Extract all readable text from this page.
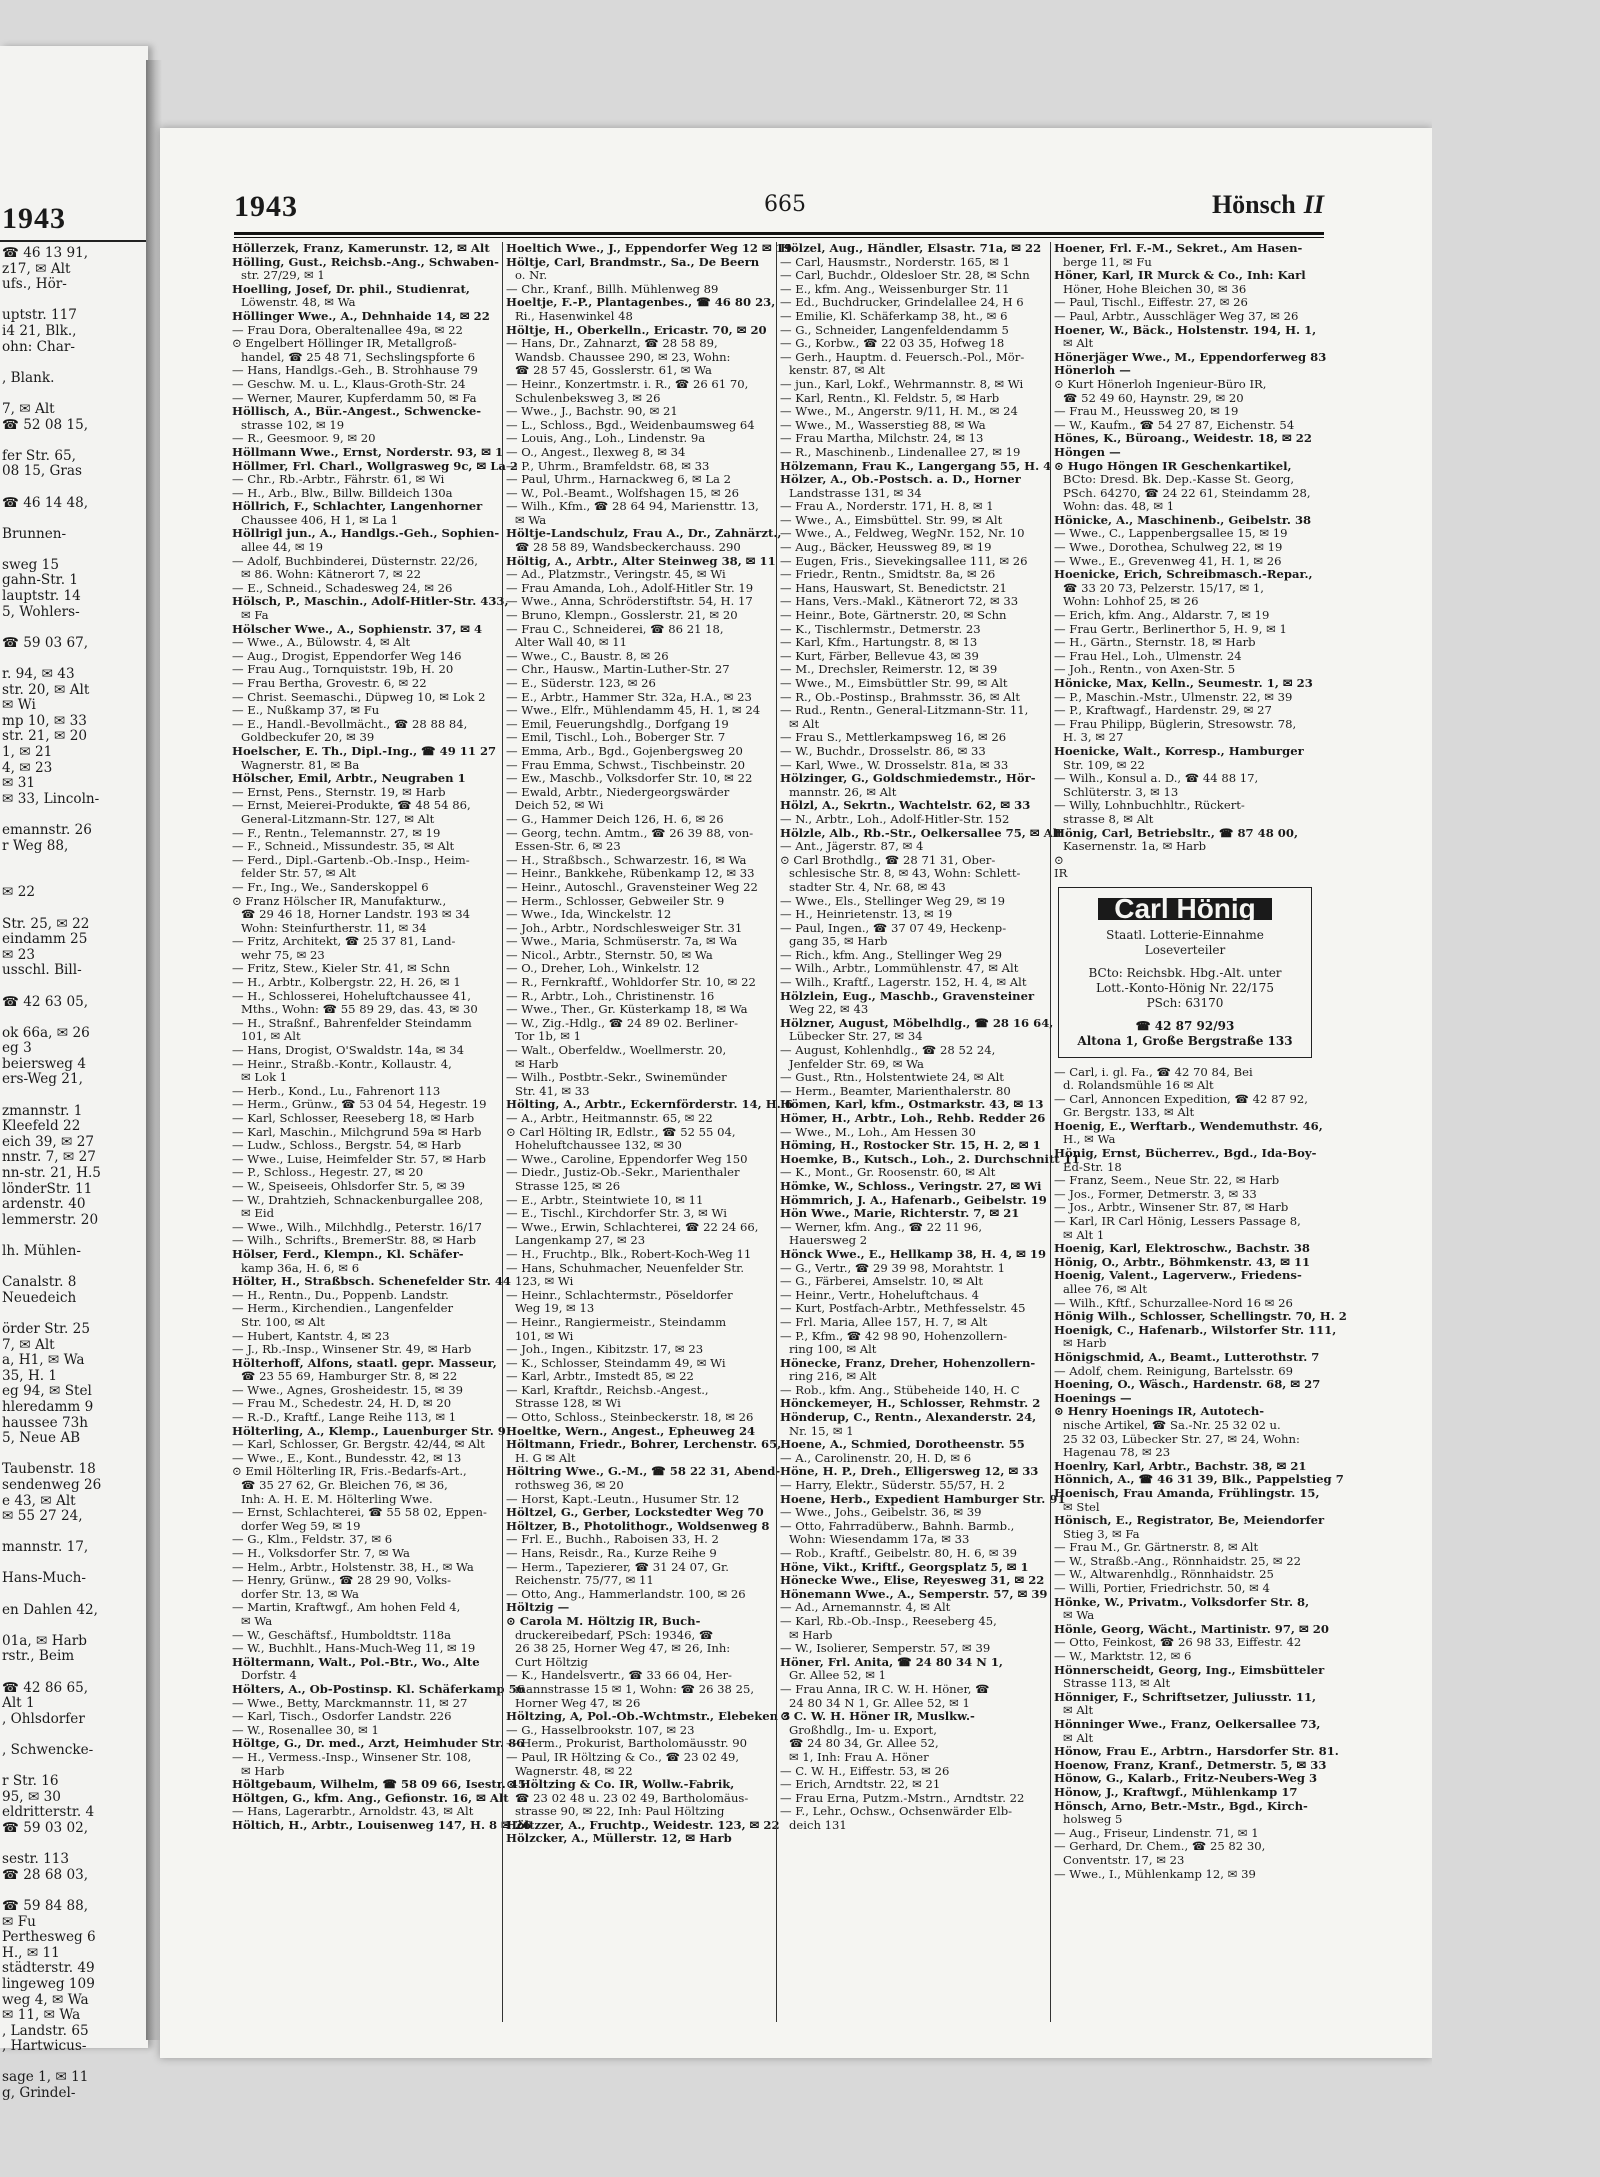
1943
☎ 46 13 91,
z17, ✉ Alt
ufs., Hör-
uptstr. 117
i4 21, Blk.,
ohn: Char-
, Blank.
7, ✉ Alt
☎ 52 08 15,
fer Str. 65,
08 15, Gras
☎ 46 14 48,
Brunnen-
sweg 15
gahn-Str. 1
lauptstr. 14
5, Wohlers-
☎ 59 03 67,
r. 94, ✉ 43
str. 20, ✉ Alt
✉ Wi
mp 10, ✉ 33
str. 21, ✉ 20
1, ✉ 21
4, ✉ 23
✉ 31
✉ 33, Lincoln-
emannstr. 26
r Weg 88,
✉ 22
Str. 25, ✉ 22
eindamm 25
✉ 23
usschl. Bill-
☎ 42 63 05,
ok 66a, ✉ 26
eg 3
beiersweg 4
ers-Weg 21,
zmannstr. 1
Kleefeld 22
eich 39, ✉ 27
nnstr. 7, ✉ 27
nn-str. 21, H.5
lönderStr. 11
ardenstr. 40
lemmerstr. 20
lh. Mühlen-
Canalstr. 8
Neuedeich
örder Str. 25
7, ✉ Alt
a, H1, ✉ Wa
35, H. 1
eg 94, ✉ Stel
hleredamm 9
haussee 73h
5, Neue AB
Taubenstr. 18
sendenweg 26
e 43, ✉ Alt
✉ 55 27 24,
mannstr. 17,
Hans-Much-
en Dahlen 42,
01a, ✉ Harb
rstr., Beim
☎ 42 86 65,
Alt 1
, Ohlsdorfer
, Schwencke-
r Str. 16
95, ✉ 30
eldritterstr. 4
☎ 59 03 02,
sestr. 113
☎ 28 68 03,
☎ 59 84 88,
✉ Fu
Perthesweg 6
H., ✉ 11
städterstr. 49
lingeweg 109
weg 4, ✉ Wa
✉ 11, ✉ Wa
, Landstr. 65
, Hartwicus-
sage 1, ✉ 11
g, Grindel-
1943	665	Hönsch II
Höllerzek, Franz, Kamerunstr. 12, ✉ Alt
Hölling, Gust., Reichsb.-Ang., Schwaben-
str. 27/29, ✉ 1
Hoelling, Josef, Dr. phil., Studienrat,
Löwenstr. 48, ✉ Wa
Höllinger Wwe., A., Dehnhaide 14, ✉ 22
— Frau Dora, Oberaltenallee 49a, ✉ 22
⊙ Engelbert Höllinger IR, Metallgroß-
handel, ☎ 25 48 71, Sechslingspforte 6
— Hans, Handlgs.-Geh., B. Strohhause 79
— Geschw. M. u. L., Klaus-Groth-Str. 24
— Werner, Maurer, Kupferdamm 50, ✉ Fa
Höllisch, A., Bür.-Angest., Schwencke-
strasse 102, ✉ 19
— R., Geesmoor. 9, ✉ 20
Höllmann Wwe., Ernst, Norderstr. 93, ✉ 1
Höllmer, Frl. Charl., Wollgrasweg 9c, ✉ La 2
— Chr., Rb.-Arbtr., Fährstr. 61, ✉ Wi
— H., Arb., Blw., Billw. Billdeich 130a
Höllrich, F., Schlachter, Langenhorner
Chaussee 406, H 1, ✉ La 1
Höllrigl jun., A., Handlgs.-Geh., Sophien-
allee 44, ✉ 19
— Adolf, Buchbinderei, Düsternstr. 22/26,
✉ 86. Wohn: Kätnerort 7, ✉ 22
— E., Schneid., Schadesweg 24, ✉ 26
Hölsch, P., Maschin., Adolf-Hitler-Str. 433,
✉ Fa
Hölscher Wwe., A., Sophienstr. 37, ✉ 4
— Wwe., A., Bülowstr. 4, ✉ Alt
— Aug., Drogist, Eppendorfer Weg 146
— Frau Aug., Tornquiststr. 19b, H. 20
— Frau Bertha, Grovestr. 6, ✉ 22
— Christ. Seemaschi., Düpweg 10, ✉ Lok 2
— E., Nußkamp 37, ✉ Fu
— E., Handl.-Bevollmächt., ☎ 28 88 84,
Goldbeckufer 20, ✉ 39
Hoelscher, E. Th., Dipl.-Ing., ☎ 49 11 27
Wagnerstr. 81, ✉ Ba
Hölscher, Emil, Arbtr., Neugraben 1
— Ernst, Pens., Sternstr. 19, ✉ Harb
— Ernst, Meierei-Produkte, ☎ 48 54 86,
General-Litzmann-Str. 127, ✉ Alt
— F., Rentn., Telemannstr. 27, ✉ 19
— F., Schneid., Missundestr. 35, ✉ Alt
— Ferd., Dipl.-Gartenb.-Ob.-Insp., Heim-
felder Str. 57, ✉ Alt
— Fr., Ing., We., Sanderskoppel 6
⊙ Franz Hölscher IR, Manufakturw.,
☎ 29 46 18, Horner Landstr. 193 ✉ 34
Wohn: Steinfurtherstr. 11, ✉ 34
— Fritz, Architekt, ☎ 25 37 81, Land-
wehr 75, ✉ 23
— Fritz, Stew., Kieler Str. 41, ✉ Schn
— H., Arbtr., Kolbergstr. 22, H. 26, ✉ 1
— H., Schlosserei, Hoheluftchaussee 41,
Mths., Wohn: ☎ 55 89 29, das. 43, ✉ 30
— H., Straßnf., Bahrenfelder Steindamm
101, ✉ Alt
— Hans, Drogist, O'Swaldstr. 14a, ✉ 34
— Heinr., Straßb.-Kontr., Kollaustr. 4,
✉ Lok 1
— Herb., Kond., Lu., Fahrenort 113
— Herm., Grünw., ☎ 53 04 54, Hegestr. 19
— Karl, Schlosser, Reeseberg 18, ✉ Harb
— Karl, Maschin., Milchgrund 59a ✉ Harb
— Ludw., Schloss., Bergstr. 54, ✉ Harb
— Wwe., Luise, Heimfelder Str. 57, ✉ Harb
— P., Schloss., Hegestr. 27, ✉ 20
— W., Speiseeis, Ohlsdorfer Str. 5, ✉ 39
— W., Drahtzieh, Schnackenburgallee 208,
✉ Eid
— Wwe., Wilh., Milchhdlg., Peterstr. 16/17
— Wilh., Schrifts., BremerStr. 88, ✉ Harb
Hölser, Ferd., Klempn., Kl. Schäfer-
kamp 36a, H. 6, ✉ 6
Hölter, H., Straßbsch. Schenefelder Str. 44
— H., Rentn., Du., Poppenb. Landstr.
— Herm., Kirchendien., Langenfelder
Str. 100, ✉ Alt
— Hubert, Kantstr. 4, ✉ 23
— J., Rb.-Insp., Winsener Str. 49, ✉ Harb
Hölterhoff, Alfons, staatl. gepr. Masseur,
☎ 23 55 69, Hamburger Str. 8, ✉ 22
— Wwe., Agnes, Grosheidestr. 15, ✉ 39
— Frau M., Schedestr. 24, H. D, ✉ 20
— R.-D., Kraftf., Lange Reihe 113, ✉ 1
Hölterling, A., Klemp., Lauenburger Str. 9
— Karl, Schlosser, Gr. Bergstr. 42/44, ✉ Alt
— Wwe., E., Kont., Bundesstr. 42, ✉ 13
⊙ Emil Hölterling IR, Fris.-Bedarfs-Art.,
☎ 35 27 62, Gr. Bleichen 76, ✉ 36,
Inh: A. H. E. M. Hölterling Wwe.
— Ernst, Schlachterei, ☎ 55 58 02, Eppen-
dorfer Weg 59, ✉ 19
— G., Klm., Feldstr. 37, ✉ 6
— H., Volksdorfer Str. 7, ✉ Wa
— Helm., Arbtr., Holstenstr. 38, H., ✉ Wa
— Henry, Grünw., ☎ 28 29 90, Volks-
dorfer Str. 13, ✉ Wa
— Martin, Kraftwgf., Am hohen Feld 4,
✉ Wa
— W., Geschäftsf., Humboldtstr. 118a
— W., Buchhlt., Hans-Much-Weg 11, ✉ 19
Höltermann, Walt., Pol.-Btr., Wo., Alte
Dorfstr. 4
Hölters, A., Ob-Postinsp. Kl. Schäferkamp 56
— Wwe., Betty, Marckmannstr. 11, ✉ 27
— Karl, Tisch., Osdorfer Landstr. 226
— W., Rosenallee 30, ✉ 1
Höltge, G., Dr. med., Arzt, Heimhuder Str. 86
— H., Vermess.-Insp., Winsener Str. 108,
✉ Harb
Höltgebaum, Wilhelm, ☎ 58 09 66, Isestr. 45
Höltgen, G., kfm. Ang., Gefionstr. 16, ✉ Alt
— Hans, Lagerarbtr., Arnoldstr. 43, ✉ Alt
Höltich, H., Arbtr., Louisenweg 147, H. 8 ✉ 26
Hoeltich Wwe., J., Eppendorfer Weg 12 ✉ 19
Höltje, Carl, Brandmstr., Sa., De Beern
o. Nr.
— Chr., Kranf., Billh. Mühlenweg 89
Hoeltje, F.-P., Plantagenbes., ☎ 46 80 23,
Ri., Hasenwinkel 48
Höltje, H., Oberkelln., Ericastr. 70, ✉ 20
— Hans, Dr., Zahnarzt, ☎ 28 58 89,
Wandsb. Chaussee 290, ✉ 23, Wohn:
☎ 28 57 45, Gosslerstr. 61, ✉ Wa
— Heinr., Konzertmstr. i. R., ☎ 26 61 70,
Schulenbeksweg 3, ✉ 26
— Wwe., J., Bachstr. 90, ✉ 21
— L., Schloss., Bgd., Weidenbaumsweg 64
— Louis, Ang., Loh., Lindenstr. 9a
— O., Angest., Ilexweg 8, ✉ 34
— P., Uhrm., Bramfeldstr. 68, ✉ 33
— Paul, Uhrm., Harnackweg 6, ✉ La 2
— W., Pol.-Beamt., Wolfshagen 15, ✉ 26
— Wilh., Kfm., ☎ 28 64 94, Mariensttr. 13,
✉ Wa
Höltje-Landschulz, Frau A., Dr., Zahnärzt.,
☎ 28 58 89, Wandsbeckerchauss. 290
Höltig, A., Arbtr., Alter Steinweg 38, ✉ 11
— Ad., Platzmstr., Veringstr. 45, ✉ Wi
— Frau Amanda, Loh., Adolf-Hitler Str. 19
— Wwe., Anna, Schröderstiftstr. 54, H. 17
— Bruno, Klempn., Gosslerstr. 21, ✉ 20
— Frau C., Schneiderei, ☎ 86 21 18,
Alter Wall 40, ✉ 11
— Wwe., C., Baustr. 8, ✉ 26
— Chr., Hausw., Martin-Luther-Str. 27
— E., Süderstr. 123, ✉ 26
— E., Arbtr., Hammer Str. 32a, H.A., ✉ 23
— Wwe., Elfr., Mühlendamm 45, H. 1, ✉ 24
— Emil, Feuerungshdlg., Dorfgang 19
— Emil, Tischl., Loh., Boberger Str. 7
— Emma, Arb., Bgd., Gojenbergsweg 20
— Frau Emma, Schwst., Tischbeinstr. 20
— Ew., Maschb., Volksdorfer Str. 10, ✉ 22
— Ewald, Arbtr., Niedergeorgswärder
Deich 52, ✉ Wi
— G., Hammer Deich 126, H. 6, ✉ 26
— Georg, techn. Amtm., ☎ 26 39 88, von-
Essen-Str. 6, ✉ 23
— H., Straßbsch., Schwarzestr. 16, ✉ Wa
— Heinr., Bankkehe, Rübenkamp 12, ✉ 33
— Heinr., Autoschl., Gravensteiner Weg 22
— Herm., Schlosser, Gebweiler Str. 9
— Wwe., Ida, Winckelstr. 12
— Joh., Arbtr., Nordschlesweiger Str. 31
— Wwe., Maria, Schmüserstr. 7a, ✉ Wa
— Nicol., Arbtr., Sternstr. 50, ✉ Wa
— O., Dreher, Loh., Winkelstr. 12
— R., Fernkraftf., Wohldorfer Str. 10, ✉ 22
— R., Arbtr., Loh., Christinenstr. 16
— Wwe., Ther., Gr. Küsterkamp 18, ✉ Wa
— W., Zig.-Hdlg., ☎ 24 89 02. Berliner-
Tor 1b, ✉ 1
— Walt., Oberfeldw., Woellmerstr. 20,
✉ Harb
— Wilh., Postbtr.-Sekr., Swinemünder
Str. 41, ✉ 33
Hölting, A., Arbtr., Eckernförderstr. 14, H. 6
— A., Arbtr., Heitmannstr. 65, ✉ 22
⊙ Carl Hölting IR, Edlstr., ☎ 52 55 04,
Hoheluftchaussee 132, ✉ 30
— Wwe., Caroline, Eppendorfer Weg 150
— Diedr., Justiz-Ob.-Sekr., Marienthaler
Strasse 125, ✉ 26
— E., Arbtr., Steintwiete 10, ✉ 11
— E., Tischl., Kirchdorfer Str. 3, ✉ Wi
— Wwe., Erwin, Schlachterei, ☎ 22 24 66,
Langenkamp 27, ✉ 23
— H., Fruchtp., Blk., Robert-Koch-Weg 11
— Hans, Schuhmacher, Neuenfelder Str.
123, ✉ Wi
— Heinr., Schlachtermstr., Pöseldorfer
Weg 19, ✉ 13
— Heinr., Rangiermeistr., Steindamm
101, ✉ Wi
— Joh., Ingen., Kibitzstr. 17, ✉ 23
— K., Schlosser, Steindamm 49, ✉ Wi
— Karl, Arbtr., Imstedt 85, ✉ 22
— Karl, Kraftdr., Reichsb.-Angest.,
Strasse 128, ✉ Wi
— Otto, Schloss., Steinbeckerstr. 18, ✉ 26
Hoeltke, Wern., Angest., Epheuweg 24
Höltmann, Friedr., Bohrer, Lerchenstr. 65,
H. G ✉ Alt
Höltring Wwe., G.-M., ☎ 58 22 31, Abend-
rothsweg 36, ✉ 20
— Horst, Kapt.-Leutn., Husumer Str. 12
Höltzel, G., Gerber, Lockstedter Weg 70
Höltzer, B., Photolithogr., Woldsenweg 8
— Frl. E., Buchh., Raboisen 33, H. 2
— Hans, Reisdr., Ra., Kurze Reihe 9
— Herm., Tapezierer, ☎ 31 24 07, Gr.
Reichenstr. 75/77, ✉ 11
— Otto, Ang., Hammerlandstr. 100, ✉ 26
Höltzig —
⊙ Carola M. Höltzig IR, Buch-
druckereibedarf, PSch: 19346, ☎
26 38 25, Horner Weg 47, ✉ 26, Inh:
Curt Höltzig
— K., Handelsvertr., ☎ 33 66 04, Her-
mannstrasse 15 ✉ 1, Wohn: ☎ 26 38 25,
Horner Weg 47, ✉ 26
Höltzing, A, Pol.-Ob.-Wchtmstr., Elebeken 3
— G., Hasselbrookstr. 107, ✉ 23
— Herm., Prokurist, Bartholomäusstr. 90
— Paul, IR Höltzing & Co., ☎ 23 02 49,
Wagnerstr. 48, ✉ 22
⊙ Höltzing & Co. IR, Wollw.-Fabrik,
☎ 23 02 48 u. 23 02 49, Bartholomäus-
strasse 90, ✉ 22, Inh: Paul Höltzing
Höltzzer, A., Fruchtp., Weidestr. 123, ✉ 22
Hölzcker, A., Müllerstr. 12, ✉ Harb
Hölzel, Aug., Händler, Elsastr. 71a, ✉ 22
— Carl, Hausmstr., Norderstr. 165, ✉ 1
— Carl, Buchdr., Oldesloer Str. 28, ✉ Schn
— E., kfm. Ang., Weissenburger Str. 11
— Ed., Buchdrucker, Grindelallee 24, H 6
— Emilie, Kl. Schäferkamp 38, ht., ✉ 6
— G., Schneider, Langenfeldendamm 5
— G., Korbw., ☎ 22 03 35, Hofweg 18
— Gerh., Hauptm. d. Feuersch.-Pol., Mör-
kenstr. 87, ✉ Alt
— jun., Karl, Lokf., Wehrmannstr. 8, ✉ Wi
— Karl, Rentn., Kl. Feldstr. 5, ✉ Harb
— Wwe., M., Angerstr. 9/11, H. M., ✉ 24
— Wwe., M., Wasserstieg 88, ✉ Wa
— Frau Martha, Milchstr. 24, ✉ 13
— R., Maschinenb., Lindenallee 27, ✉ 19
Hölzemann, Frau K., Langergang 55, H. 4
Hölzer, A., Ob.-Postsch. a. D., Horner
Landstrasse 131, ✉ 34
— Frau A., Norderstr. 171, H. 8, ✉ 1
— Wwe., A., Eimsbüttel. Str. 99, ✉ Alt
— Wwe., A., Feldweg, WegNr. 152, Nr. 10
— Aug., Bäcker, Heussweg 89, ✉ 19
— Eugen, Fris., Sievekingsallee 111, ✉ 26
— Friedr., Rentn., Smidtstr. 8a, ✉ 26
— Hans, Hauswart, St. Benedictstr. 21
— Hans, Vers.-Makl., Kätnerort 72, ✉ 33
— Heinr., Bote, Gärtnerstr. 20, ✉ Schn
— K., Tischlermstr., Detmerstr. 23
— Karl, Kfm., Hartungstr. 8, ✉ 13
— Kurt, Färber, Bellevue 43, ✉ 39
— M., Drechsler, Reimerstr. 12, ✉ 39
— Wwe., M., Eimsbüttler Str. 99, ✉ Alt
— R., Ob.-Postinsp., Brahmsstr. 36, ✉ Alt
— Rud., Rentn., General-Litzmann-Str. 11,
✉ Alt
— Frau S., Mettlerkampsweg 16, ✉ 26
— W., Buchdr., Drosselstr. 86, ✉ 33
— Karl, Wwe., W. Drosselstr. 81a, ✉ 33
Hölzinger, G., Goldschmiedemstr., Hör-
mannstr. 26, ✉ Alt
Hölzl, A., Sekrtn., Wachtelstr. 62, ✉ 33
— N., Arbtr., Loh., Adolf-Hitler-Str. 152
Hölzle, Alb., Rb.-Str., Oelkersallee 75, ✉ Alt
— Ant., Jägerstr. 87, ✉ 4
⊙ Carl Brothdlg., ☎ 28 71 31, Ober-
schlesische Str. 8, ✉ 43, Wohn: Schlett-
stadter Str. 4, Nr. 68, ✉ 43
— Wwe., Els., Stellinger Weg 29, ✉ 19
— H., Heinrietenstr. 13, ✉ 19
— Paul, Ingen., ☎ 37 07 49, Heckenp-
gang 35, ✉ Harb
— Rich., kfm. Ang., Stellinger Weg 29
— Wilh., Arbtr., Lommühlenstr. 47, ✉ Alt
— Wilh., Kraftf., Lagerstr. 152, H. 4, ✉ Alt
Hölzlein, Eug., Maschb., Gravensteiner
Weg 22, ✉ 43
Hölzner, August, Möbelhdlg., ☎ 28 16 64,
Lübecker Str. 27, ✉ 34
— August, Kohlenhdlg., ☎ 28 52 24,
Jenfelder Str. 69, ✉ Wa
— Gust., Rtn., Holstentwiete 24, ✉ Alt
— Herm., Beamter, Marienthalerstr. 80
Hömen, Karl, kfm., Ostmarkstr. 43, ✉ 13
Hömer, H., Arbtr., Loh., Rehb. Redder 26
— Wwe., M., Loh., Am Hessen 30
Höming, H., Rostocker Str. 15, H. 2, ✉ 1
Hoemke, B., Kutsch., Loh., 2. Durchschnitt 11
— K., Mont., Gr. Roosenstr. 60, ✉ Alt
Hömke, W., Schloss., Veringstr. 27, ✉ Wi
Hömmrich, J. A., Hafenarb., Geibelstr. 19
Hön Wwe., Marie, Richterstr. 7, ✉ 21
— Werner, kfm. Ang., ☎ 22 11 96,
Hauersweg 2
Hönck Wwe., E., Hellkamp 38, H. 4, ✉ 19
— G., Vertr., ☎ 29 39 98, Morahtstr. 1
— G., Färberei, Amselstr. 10, ✉ Alt
— Heinr., Vertr., Hoheluftchaus. 4
— Kurt, Postfach-Arbtr., Methfesselstr. 45
— Frl. Maria, Allee 157, H. 7, ✉ Alt
— P., Kfm., ☎ 42 98 90, Hohenzollern-
ring 100, ✉ Alt
Hönecke, Franz, Dreher, Hohenzollern-
ring 216, ✉ Alt
— Rob., kfm. Ang., Stübeheide 140, H. C
Hönckemeyer, H., Schlosser, Rehmstr. 2
Hönderup, C., Rentn., Alexanderstr. 24,
Nr. 15, ✉ 1
Hoene, A., Schmied, Dorotheenstr. 55
— A., Carolinenstr. 20, H. D, ✉ 6
Höne, H. P., Dreh., Elligersweg 12, ✉ 33
— Harry, Elektr., Süderstr. 55/57, H. 2
Hoene, Herb., Expedient Hamburger Str. 91
— Wwe., Johs., Geibelstr. 36, ✉ 39
— Otto, Fahrradüberw., Bahnh. Barmb.,
Wohn: Wiesendamm 17a, ✉ 33
— Rob., Kraftf., Geibelstr. 80, H. 6, ✉ 39
Höne, Vikt., Kriftf., Georgsplatz 5, ✉ 1
Hönecke Wwe., Elise, Reyesweg 31, ✉ 22
Hönemann Wwe., A., Semperstr. 57, ✉ 39
— Ad., Arnemannstr. 4, ✉ Alt
— Karl, Rb.-Ob.-Insp., Reeseberg 45,
✉ Harb
— W., Isolierer, Semperstr. 57, ✉ 39
Höner, Frl. Anita, ☎ 24 80 34 N 1,
Gr. Allee 52, ✉ 1
— Frau Anna, IR C. W. H. Höner, ☎
24 80 34 N 1, Gr. Allee 52, ✉ 1
⊙ C. W. H. Höner IR, Muslkw.-
Großhdlg., Im- u. Export,
☎ 24 80 34, Gr. Allee 52,
✉ 1, Inh: Frau A. Höner
— C. W. H., Eiffestr. 53, ✉ 26
— Erich, Arndtstr. 22, ✉ 21
— Frau Erna, Putzm.-Mstrn., Arndtstr. 22
— F., Lehr., Ochsw., Ochsenwärder Elb-
deich 131
Hoener, Frl. F.-M., Sekret., Am Hasen-
berge 11, ✉ Fu
Höner, Karl, IR Murck & Co., Inh: Karl
Höner, Hohe Bleichen 30, ✉ 36
— Paul, Tischl., Eiffestr. 27, ✉ 26
— Paul, Arbtr., Ausschläger Weg 37, ✉ 26
Hoener, W., Bäck., Holstenstr. 194, H. 1,
✉ Alt
Hönerjäger Wwe., M., Eppendorferweg 83
Hönerloh —
⊙ Kurt Hönerloh Ingenieur-Büro IR,
☎ 52 49 60, Haynstr. 29, ✉ 20
— Frau M., Heussweg 20, ✉ 19
— W., Kaufm., ☎ 54 27 87, Eichenstr. 54
Hönes, K., Büroang., Weidestr. 18, ✉ 22
Höngen —
⊙ Hugo Höngen IR Geschenkartikel,
BCto: Dresd. Bk. Dep.-Kasse St. Georg,
PSch. 64270, ☎ 24 22 61, Steindamm 28,
Wohn: das. 48, ✉ 1
Hönicke, A., Maschinenb., Geibelstr. 38
— Wwe., C., Lappenbergsallee 15, ✉ 19
— Wwe., Dorothea, Schulweg 22, ✉ 19
— Wwe., E., Grevenweg 41, H. 1, ✉ 26
Hoenicke, Erich, Schreibmasch.-Repar.,
☎ 33 20 73, Pelzerstr. 15/17, ✉ 1,
Wohn: Lohhof 25, ✉ 26
— Erich, kfm. Ang., Aldarstr. 7, ✉ 19
— Frau Gertr., Berlinerthor 5, H. 9, ✉ 1
— H., Gärtn., Sternstr. 18, ✉ Harb
— Frau Hel., Loh., Ulmenstr. 24
— Joh., Rentn., von Axen-Str. 5
Hönicke, Max, Kelln., Seumestr. 1, ✉ 23
— P., Maschin.-Mstr., Ulmenstr. 22, ✉ 39
— P., Kraftwagf., Hardenstr. 29, ✉ 27
— Frau Philipp, Büglerin, Stresowstr. 78,
H. 3, ✉ 27
Hoenicke, Walt., Korresp., Hamburger
Str. 109, ✉ 22
— Wilh., Konsul a. D., ☎ 44 88 17,
Schlüterstr. 3, ✉ 13
— Willy, Lohnbuchhltr., Rückert-
strasse 8, ✉ Alt
Hönig, Carl, Betriebsltr., ☎ 87 48 00,
Kasernenstr. 1a, ✉ Harb
⊙
IR
Carl Hönig
Staatl. Lotterie-Einnahme
Loseverteiler
BCto: Reichsbk. Hbg.-Alt. unter
Lott.-Konto-Hönig Nr. 22/175
PSch: 63170
☎ 42 87 92/93
Altona 1, Große Bergstraße 133
— Carl, i. gl. Fa., ☎ 42 70 84, Bei
d. Rolandsmühle 16 ✉ Alt
— Carl, Annoncen Expedition, ☎ 42 87 92,
Gr. Bergstr. 133, ✉ Alt
Hoenig, E., Werftarb., Wendemuthstr. 46,
H., ✉ Wa
Hönig, Ernst, Bücherrev., Bgd., Ida-Boy-
Ed-Str. 18
— Franz, Seem., Neue Str. 22, ✉ Harb
— Jos., Former, Detmerstr. 3, ✉ 33
— Jos., Arbtr., Winsener Str. 87, ✉ Harb
— Karl, IR Carl Hönig, Lessers Passage 8,
✉ Alt 1
Hoenig, Karl, Elektroschw., Bachstr. 38
Hönig, O., Arbtr., Böhmkenstr. 43, ✉ 11
Hoenig, Valent., Lagerverw., Friedens-
allee 76, ✉ Alt
— Wilh., Kftf., Schurzallee-Nord 16 ✉ 26
Hönig Wilh., Schlosser, Schellingstr. 70, H. 2
Hoenigk, C., Hafenarb., Wilstorfer Str. 111,
✉ Harb
Hönigschmid, A., Beamt., Lutterothstr. 7
— Adolf, chem. Reinigung, Bartelsstr. 69
Hoening, O., Wäsch., Hardenstr. 68, ✉ 27
Hoenings —
⊙ Henry Hoenings IR, Autotech-
nische Artikel, ☎ Sa.-Nr. 25 32 02 u.
25 32 03, Lübecker Str. 27, ✉ 24, Wohn:
Hagenau 78, ✉ 23
Hoenlry, Karl, Arbtr., Bachstr. 38, ✉ 21
Hönnich, A., ☎ 46 31 39, Blk., Pappelstieg 7
Hoenisch, Frau Amanda, Frühlingstr. 15,
✉ Stel
Hönisch, E., Registrator, Be, Meiendorfer
Stieg 3, ✉ Fa
— Frau M., Gr. Gärtnerstr. 8, ✉ Alt
— W., Straßb.-Ang., Rönnhaidstr. 25, ✉ 22
— W., Altwarenhdlg., Rönnhaidstr. 25
— Willi, Portier, Friedrichstr. 50, ✉ 4
Hönke, W., Privatm., Volksdorfer Str. 8,
✉ Wa
Hönle, Georg, Wächt., Martinistr. 97, ✉ 20
— Otto, Feinkost, ☎ 26 98 33, Eiffestr. 42
— W., Marktstr. 12, ✉ 6
Hönnerscheidt, Georg, Ing., Eimsbütteler
Strasse 113, ✉ Alt
Hönniger, F., Schriftsetzer, Juliusstr. 11,
✉ Alt
Hönninger Wwe., Franz, Oelkersallee 73,
✉ Alt
Hönow, Frau E., Arbtrn., Harsdorfer Str. 81.
Hoenow, Franz, Kranf., Detmerstr. 5, ✉ 33
Hönow, G., Kalarb., Fritz-Neubers-Weg 3
Hönow, J., Kraftwgf., Mühlenkamp 17
Hönsch, Arno, Betr.-Mstr., Bgd., Kirch-
holsweg 5
— Aug., Friseur, Lindenstr. 71, ✉ 1
— Gerhard, Dr. Chem., ☎ 25 82 30,
Conventstr. 17, ✉ 23
— Wwe., I., Mühlenkamp 12, ✉ 39
